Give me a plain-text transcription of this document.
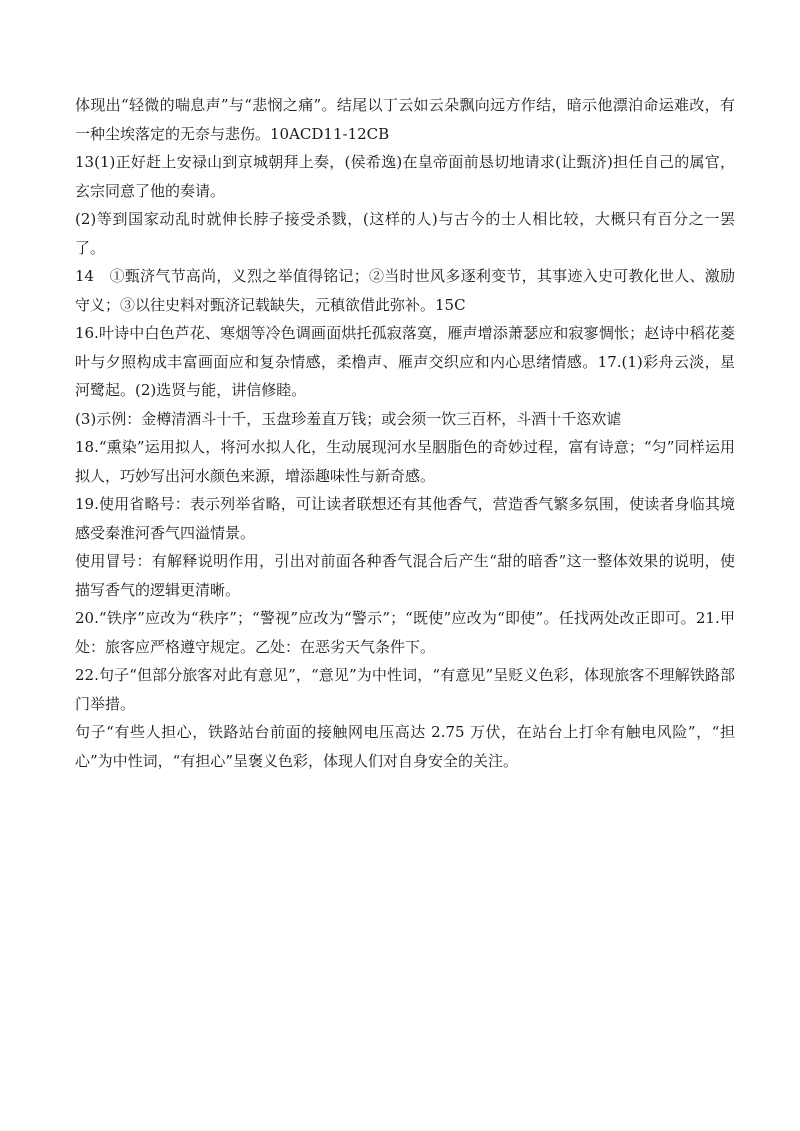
体现出“轻微的喘息声”与“悲悯之痛”。结尾以丁云如云朵飘向远方作结，暗示他漂泊命运难改，有一种尘埃落定的无奈与悲伤。10ACD11-12CB

13(1)正好赶上安禄山到京城朝拜上奏，(侯希逸)在皇帝面前恳切地请求(让甄济)担任自己的属官，玄宗同意了他的奏请。

(2)等到国家动乱时就伸长脖子接受杀戮，(这样的人)与古今的士人相比较，大概只有百分之一罢了。

14　①甄济气节高尚，义烈之举值得铭记；②当时世风多逐利变节，其事迹入史可教化世人、激励守义；③以往史料对甄济记载缺失，元稹欲借此弥补。15C

16.叶诗中白色芦花、寒烟等冷色调画面烘托孤寂落寞，雁声增添萧瑟应和寂寥惆怅；赵诗中稻花菱叶与夕照构成丰富画面应和复杂情感，柔橹声、雁声交织应和内心思绪情感。17.(1)彩舟云淡，星河鹭起。(2)选贤与能，讲信修睦。

(3)示例：金樽清酒斗十千，玉盘珍羞直万钱；或会须一饮三百杯，斗酒十千恣欢谑

18.“熏染”运用拟人，将河水拟人化，生动展现河水呈胭脂色的奇妙过程，富有诗意；“匀”同样运用拟人，巧妙写出河水颜色来源，增添趣味性与新奇感。

19.使用省略号：表示列举省略，可让读者联想还有其他香气，营造香气繁多氛围，使读者身临其境感受秦淮河香气四溢情景。

使用冒号：有解释说明作用，引出对前面各种香气混合后产生“甜的暗香”这一整体效果的说明，使描写香气的逻辑更清晰。

20.“铁序”应改为“秩序”；“警视”应改为“警示”；“既使”应改为“即使”。任找两处改正即可。21.甲处：旅客应严格遵守规定。乙处：在恶劣天气条件下。

22.句子“但部分旅客对此有意见”，“意见”为中性词，“有意见”呈贬义色彩，体现旅客不理解铁路部门举措。

句子“有些人担心，铁路站台前面的接触网电压高达 2.75 万伏，在站台上打伞有触电风险”，“担心”为中性词，“有担心”呈褒义色彩，体现人们对自身安全的关注。
